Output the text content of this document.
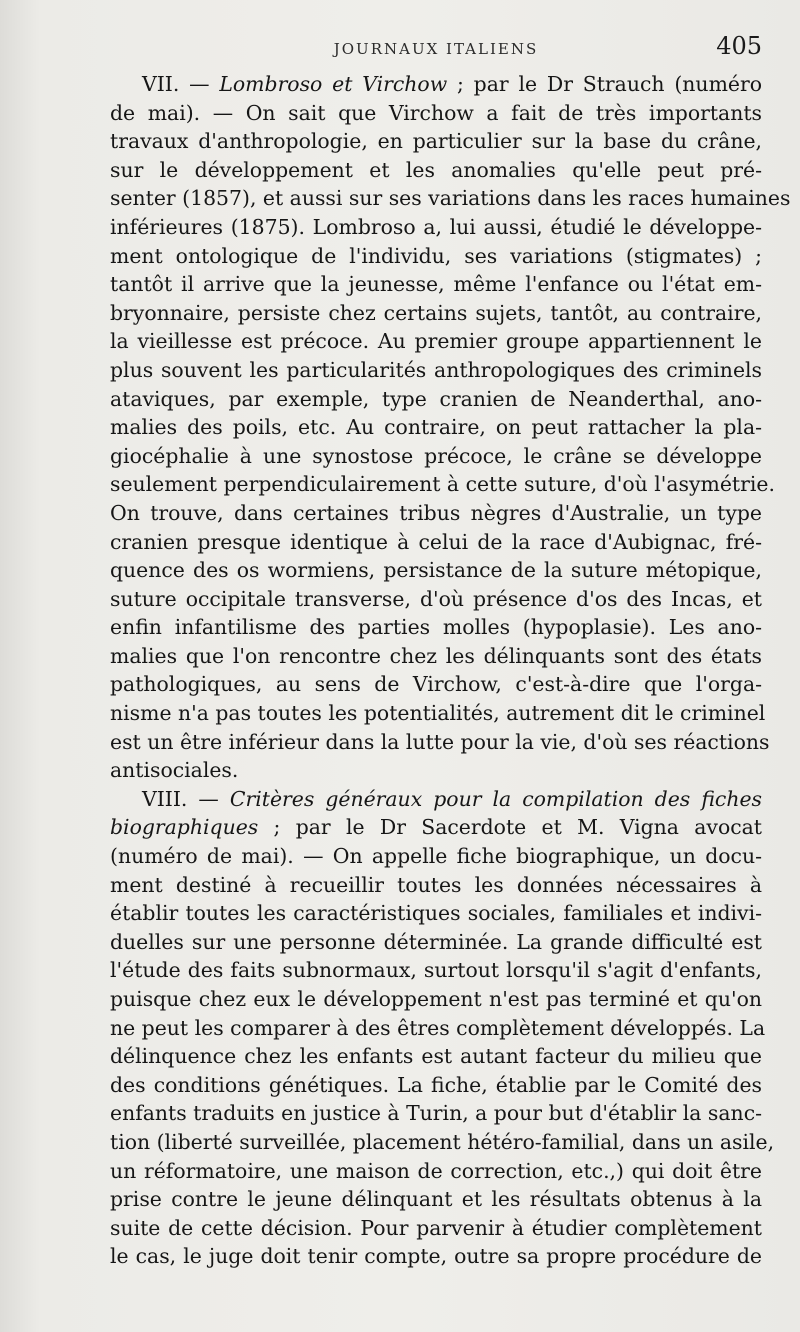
JOURNAUX ITALIENS	405
VII. — Lombroso et Virchow ; par le Dr Strauch (numéro
de mai). — On sait que Virchow a fait de très importants
travaux d'anthropologie, en particulier sur la base du crâne,
sur le développement et les anomalies qu'elle peut pré-
senter (1857), et aussi sur ses variations dans les races humaines
inférieures (1875). Lombroso a, lui aussi, étudié le développe-
ment ontologique de l'individu, ses variations (stigmates) ;
tantôt il arrive que la jeunesse, même l'enfance ou l'état em-
bryonnaire, persiste chez certains sujets, tantôt, au contraire,
la vieillesse est précoce. Au premier groupe appartiennent le
plus souvent les particularités anthropologiques des criminels
ataviques, par exemple, type cranien de Neanderthal, ano-
malies des poils, etc. Au contraire, on peut rattacher la pla-
giocéphalie à une synostose précoce, le crâne se développe
seulement perpendiculairement à cette suture, d'où l'asymétrie.
On trouve, dans certaines tribus nègres d'Australie, un type
cranien presque identique à celui de la race d'Aubignac, fré-
quence des os wormiens, persistance de la suture métopique,
suture occipitale transverse, d'où présence d'os des Incas, et
enfin infantilisme des parties molles (hypoplasie). Les ano-
malies que l'on rencontre chez les délinquants sont des états
pathologiques, au sens de Virchow, c'est-à-dire que l'orga-
nisme n'a pas toutes les potentialités, autrement dit le criminel
est un être inférieur dans la lutte pour la vie, d'où ses réactions
antisociales.
VIII. — Critères généraux pour la compilation des fiches
biographiques ; par le Dr Sacerdote et M. Vigna avocat
(numéro de mai). — On appelle fiche biographique, un docu-
ment destiné à recueillir toutes les données nécessaires à
établir toutes les caractéristiques sociales, familiales et indivi-
duelles sur une personne déterminée. La grande difficulté est
l'étude des faits subnormaux, surtout lorsqu'il s'agit d'enfants,
puisque chez eux le développement n'est pas terminé et qu'on
ne peut les comparer à des êtres complètement développés. La
délinquence chez les enfants est autant facteur du milieu que
des conditions génétiques. La fiche, établie par le Comité des
enfants traduits en justice à Turin, a pour but d'établir la sanc-
tion (liberté surveillée, placement hétéro-familial, dans un asile,
un réformatoire, une maison de correction, etc.,) qui doit être
prise contre le jeune délinquant et les résultats obtenus à la
suite de cette décision. Pour parvenir à étudier complètement
le cas, le juge doit tenir compte, outre sa propre procédure de
